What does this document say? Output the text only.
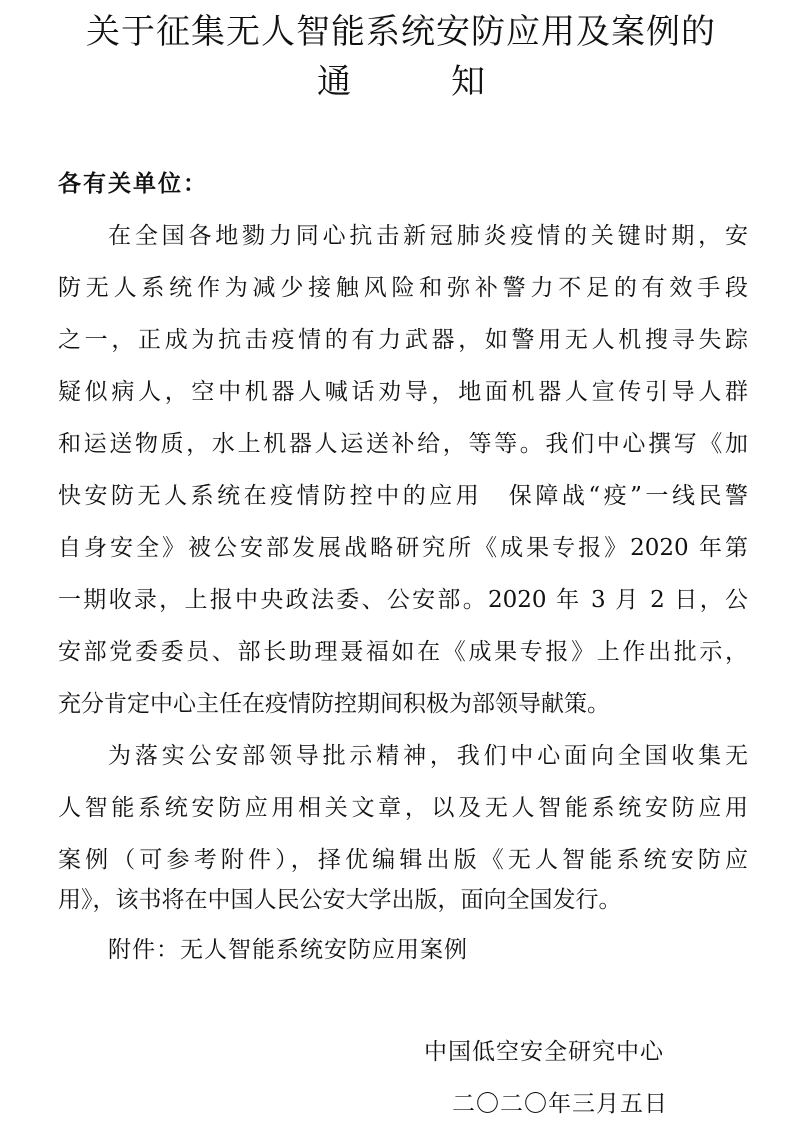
关于征集无人智能系统安防应用及案例的
通	知
各有关单位：
在全国各地勠力同心抗击新冠肺炎疫情的关键时期，安
防无人系统作为减少接触风险和弥补警力不足的有效手段
之一，正成为抗击疫情的有力武器，如警用无人机搜寻失踪
疑似病人，空中机器人喊话劝导，地面机器人宣传引导人群
和运送物质，水上机器人运送补给，等等。我们中心撰写《加
快安防无人系统在疫情防控中的应用　保障战“疫”一线民警
自身安全》被公安部发展战略研究所《成果专报》2020 年第
一期收录，上报中央政法委、公安部。2020 年 3 月 2 日，公
安部党委委员、部长助理聂福如在《成果专报》上作出批示，
充分肯定中心主任在疫情防控期间积极为部领导献策。
为落实公安部领导批示精神，我们中心面向全国收集无
人智能系统安防应用相关文章，以及无人智能系统安防应用
案例（可参考附件），择优编辑出版《无人智能系统安防应
用》，该书将在中国人民公安大学出版，面向全国发行。
附件：无人智能系统安防应用案例
中国低空安全研究中心
二〇二〇年三月五日
